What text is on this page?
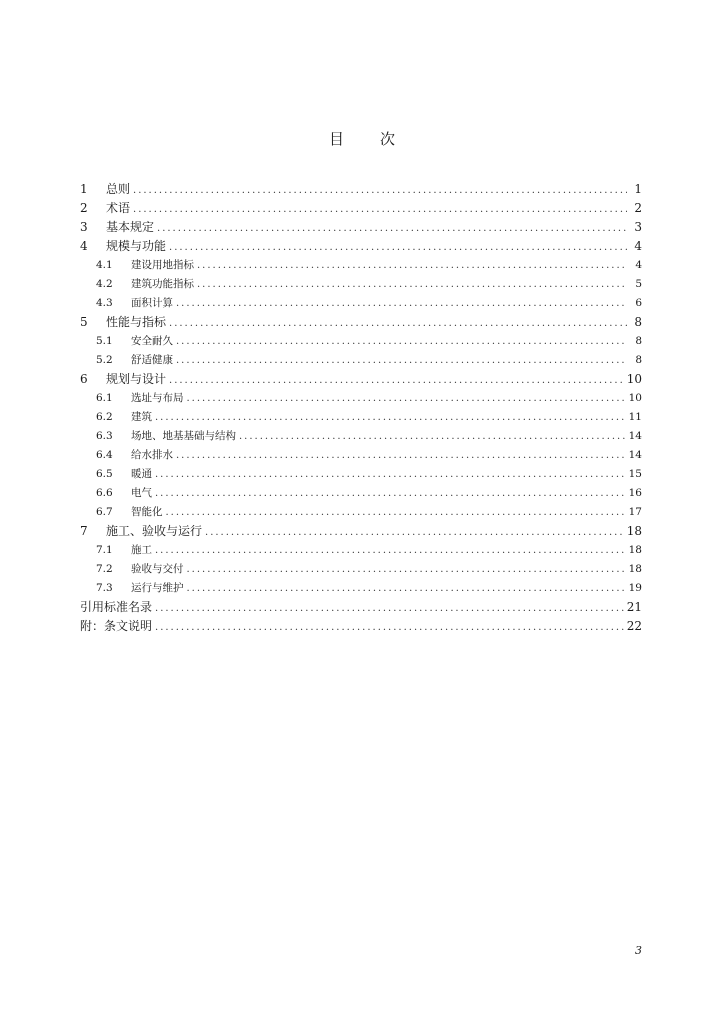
目次
1	总则 .....	1
2	术语 .....	2
3	基本规定 .....	3
4	规模与功能 .....	4
4.1	建设用地指标 .....	4
4.2	建筑功能指标 .....	5
4.3	面积计算 .....	6
5	性能与指标 .....	8
5.1	安全耐久 .....	8
5.2	舒适健康 .....	8
6	规划与设计 .....	10
6.1	选址与布局 .....	10
6.2	建筑 .....	11
6.3	场地、地基基础与结构 .....	14
6.4	给水排水 .....	14
6.5	暖通 .....	15
6.6	电气 .....	16
6.7	智能化 .....	17
7	施工、验收与运行 .....	18
7.1	施工 .....	18
7.2	验收与交付 .....	18
7.3	运行与维护 .....	19
引用标准名录 .....	21
附：条文说明 .....	22
3
